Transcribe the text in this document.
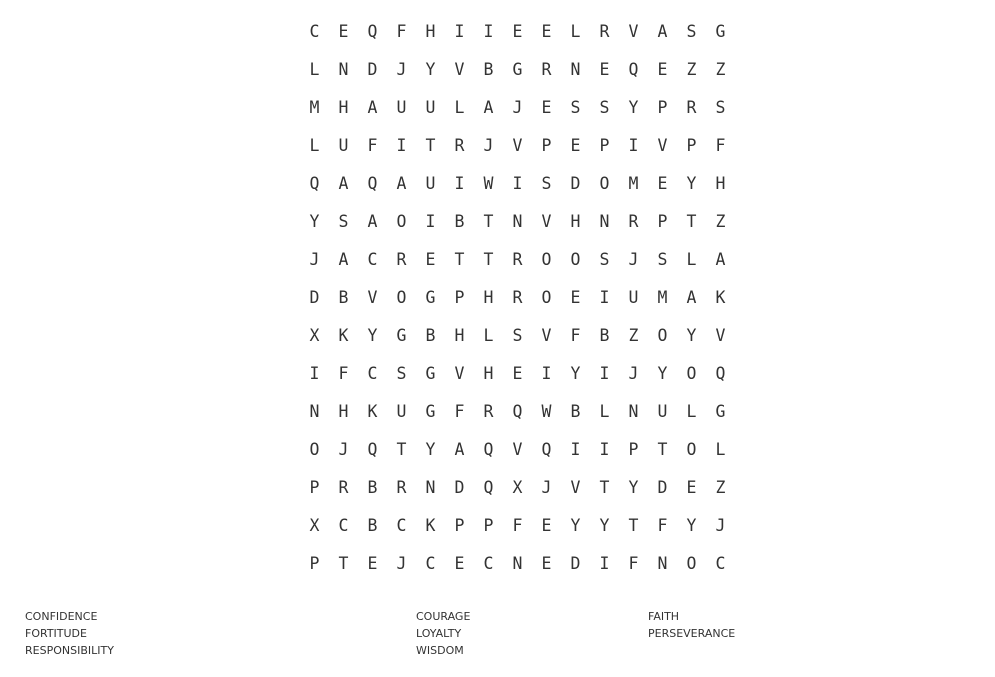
C	E	Q	F	H	I	I	E	E	L	R	V	A	S	G
L	N	D	J	Y	V	B	G	R	N	E	Q	E	Z	Z
M	H	A	U	U	L	A	J	E	S	S	Y	P	R	S
L	U	F	I	T	R	J	V	P	E	P	I	V	P	F
Q	A	Q	A	U	I	W	I	S	D	O	M	E	Y	H
Y	S	A	O	I	B	T	N	V	H	N	R	P	T	Z
J	A	C	R	E	T	T	R	O	O	S	J	S	L	A
D	B	V	O	G	P	H	R	O	E	I	U	M	A	K
X	K	Y	G	B	H	L	S	V	F	B	Z	O	Y	V
I	F	C	S	G	V	H	E	I	Y	I	J	Y	O	Q
N	H	K	U	G	F	R	Q	W	B	L	N	U	L	G
O	J	Q	T	Y	A	Q	V	Q	I	I	P	T	O	L
P	R	B	R	N	D	Q	X	J	V	T	Y	D	E	Z
X	C	B	C	K	P	P	F	E	Y	Y	T	F	Y	J
P	T	E	J	C	E	C	N	E	D	I	F	N	O	C
CONFIDENCE
FORTITUDE
RESPONSIBILITY
COURAGE
LOYALTY
WISDOM
FAITH
PERSEVERANCE
